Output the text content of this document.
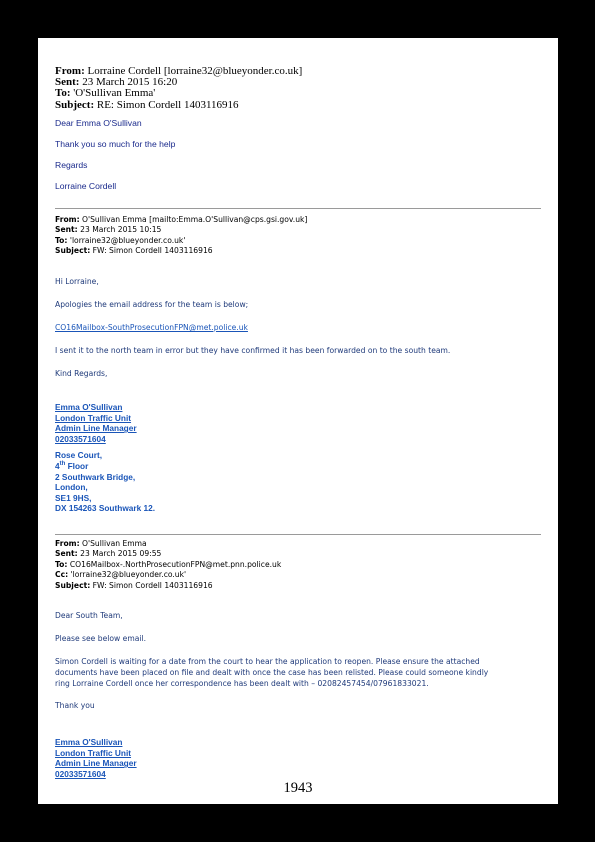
From: Lorraine Cordell [lorraine32@blueyonder.co.uk]
Sent: 23 March 2015 16:20
To: 'O'Sullivan Emma'
Subject: RE: Simon Cordell 1403116916
Dear Emma O'Sullivan
Thank you so much for the help
Regards
Lorraine Cordell
From: O'Sullivan Emma [mailto:Emma.O'Sullivan@cps.gsi.gov.uk]
Sent: 23 March 2015 10:15
To: 'lorraine32@blueyonder.co.uk'
Subject: FW: Simon Cordell 1403116916
Hi Lorraine,
Apologies the email address for the team is below;
CO16Mailbox-SouthProsecutionFPN@met.police.uk
I sent it to the north team in error but they have confirmed it has been forwarded on to the south team.
Kind Regards,
Emma O'Sullivan
London Traffic Unit
Admin Line Manager
02033571604
Rose Court,
4th Floor
2 Southwark Bridge,
London,
SE1 9HS,
DX 154263 Southwark 12.
From: O'Sullivan Emma
Sent: 23 March 2015 09:55
To: CO16Mailbox-.NorthProsecutionFPN@met.pnn.police.uk
Cc: 'lorraine32@blueyonder.co.uk'
Subject: FW: Simon Cordell 1403116916
Dear South Team,
Please see below email.
Simon Cordell is waiting for a date from the court to hear the application to reopen. Please ensure the attached
documents have been placed on file and dealt with once the case has been relisted. Please could someone kindly
ring Lorraine Cordell once her correspondence has been dealt with – 02082457454/07961833021.
Thank you
Emma O'Sullivan
London Traffic Unit
Admin Line Manager
02033571604
1943
